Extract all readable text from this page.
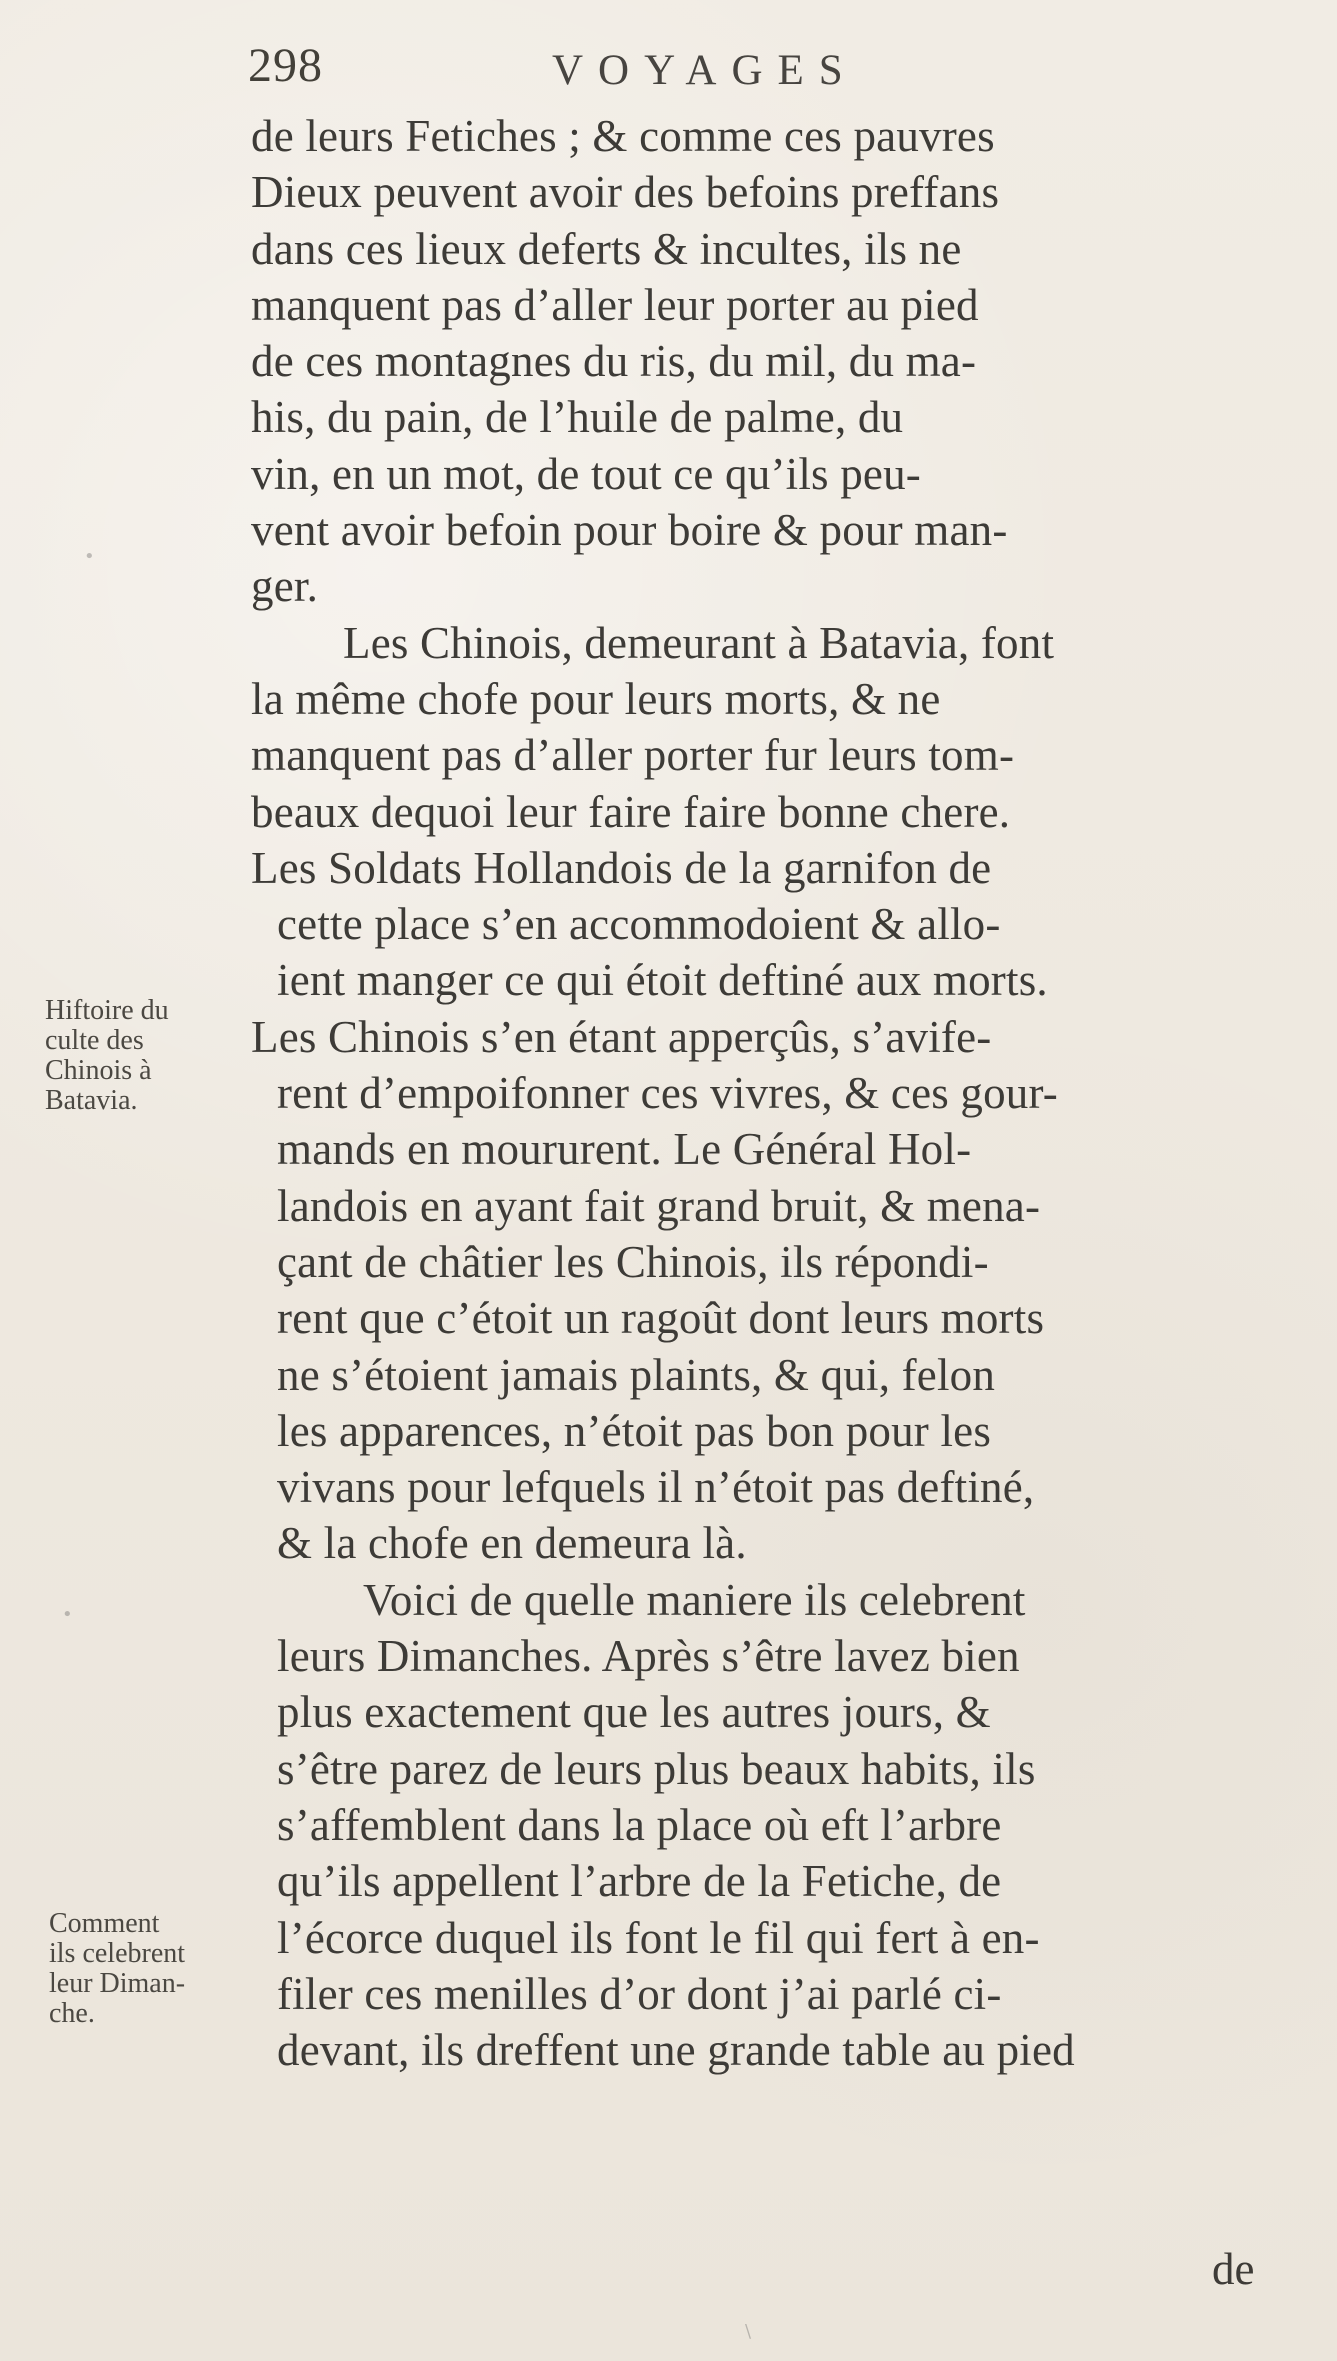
298	VOYAGES
de leurs Fetiches ; & comme ces pauvres
Dieux peuvent avoir des befoins preffans
dans ces lieux deferts & incultes, ils ne
manquent pas d’aller leur porter au pied
de ces montagnes du ris, du mil, du ma-
his, du pain, de l’huile de palme, du
vin, en un mot, de tout ce qu’ils peu-
vent avoir befoin pour boire & pour man-
ger.
Les Chinois, demeurant à Batavia, font
la même chofe pour leurs morts, & ne
manquent pas d’aller porter fur leurs tom-
beaux dequoi leur faire faire bonne chere.
Les Soldats Hollandois de la garnifon de
cette place s’en accommodoient & allo-
ient manger ce qui étoit deftiné aux morts.
Les Chinois s’en étant apperçûs, s’avife-
rent d’empoifonner ces vivres, & ces gour-
mands en moururent. Le Général Hol-
landois en ayant fait grand bruit, & mena-
çant de châtier les Chinois, ils répondi-
rent que c’étoit un ragoût dont leurs morts
ne s’étoient jamais plaints, & qui, felon
les apparences, n’étoit pas bon pour les
vivans pour lefquels il n’étoit pas deftiné,
& la chofe en demeura là.
Voici de quelle maniere ils celebrent
leurs Dimanches. Après s’être lavez bien
plus exactement que les autres jours, &
s’être parez de leurs plus beaux habits, ils
s’affemblent dans la place où eft l’arbre
qu’ils appellent l’arbre de la Fetiche, de
l’écorce duquel ils font le fil qui fert à en-
filer ces menilles d’or dont j’ai parlé ci-
devant, ils dreffent une grande table au pied
Hiftoire du
culte des
Chinois à
Batavia.
Comment
ils celebrent
leur Diman-
che.
de
•
•
\
